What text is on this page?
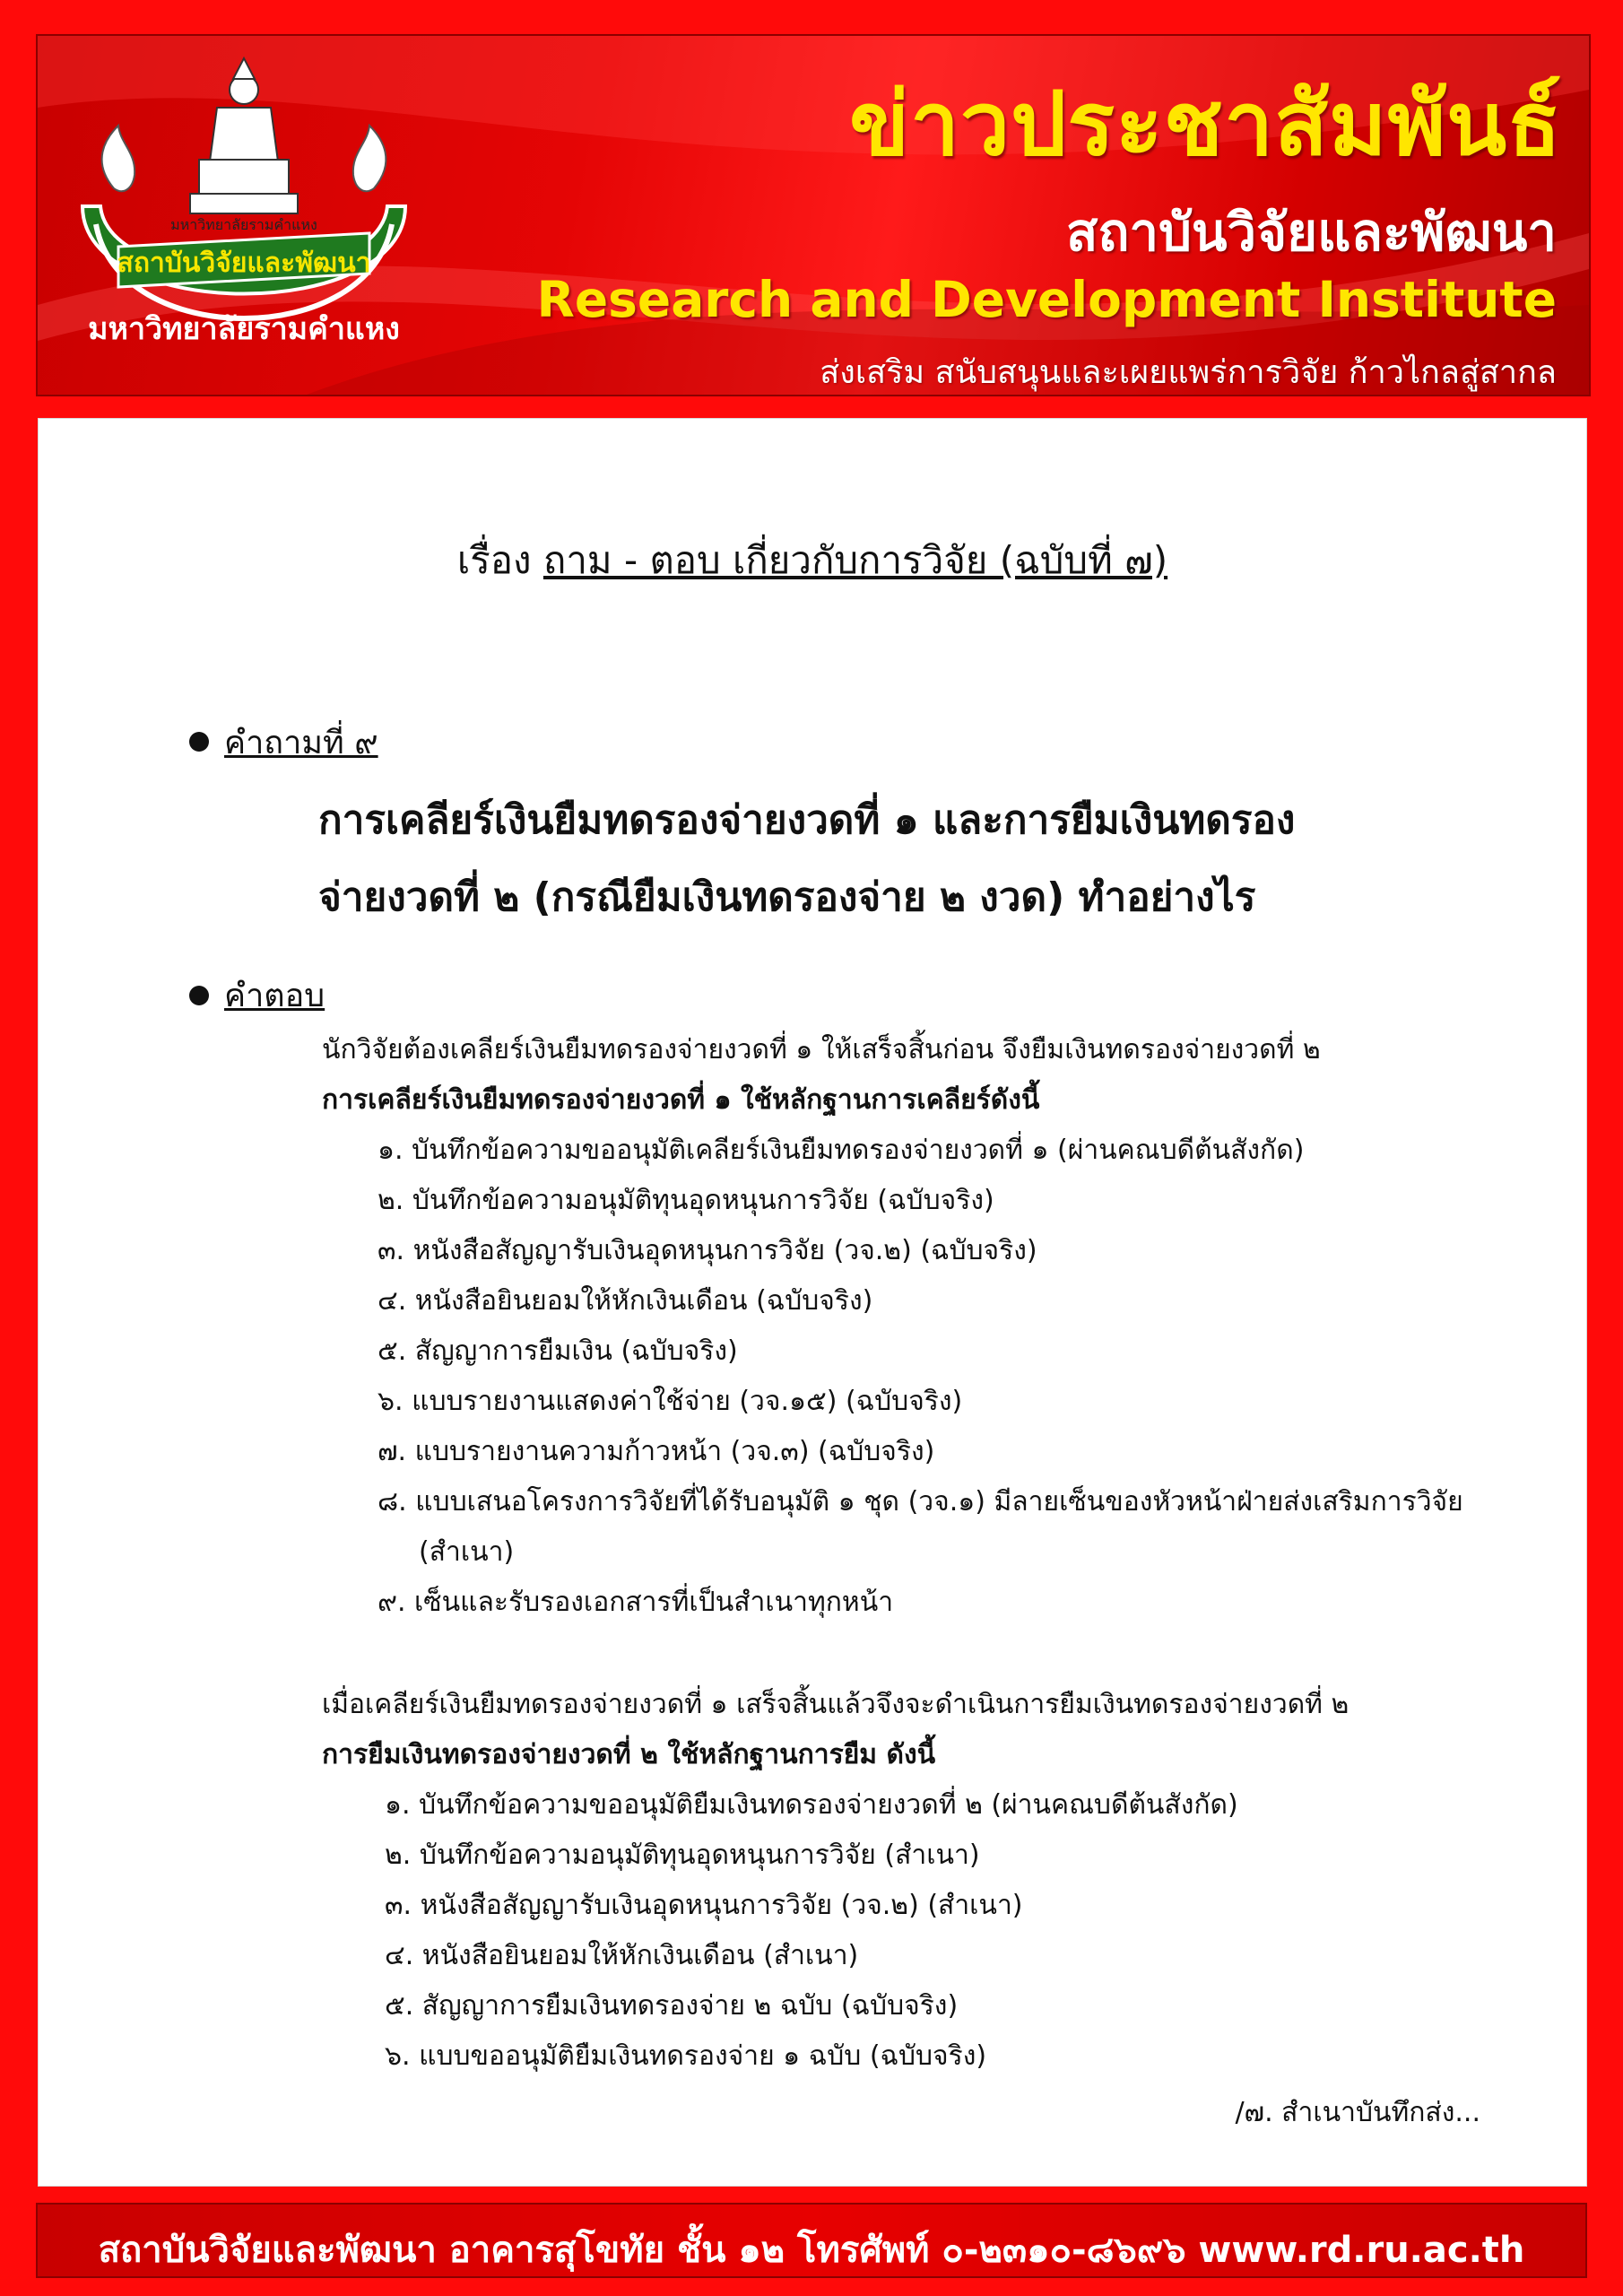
มหาวิทยาลัยรามคำแหง
สถาบันวิจัยและพัฒนา
มหาวิทยาลัยรามคำแหง
ข่าวประชาสัมพันธ์
สถาบันวิจัยและพัฒนา
Research and Development Institute
ส่งเสริม สนับสนุนและเผยแพร่การวิจัย ก้าวไกลสู่สากล
เรื่อง ถาม - ตอบ เกี่ยวกับการวิจัย (ฉบับที่ ๗)
คำถามที่ ๙
การเคลียร์เงินยืมทดรองจ่ายงวดที่ ๑ และการยืมเงินทดรอง
จ่ายงวดที่ ๒ (กรณียืมเงินทดรองจ่าย ๒ งวด) ทำอย่างไร
คำตอบ
นักวิจัยต้องเคลียร์เงินยืมทดรองจ่ายงวดที่ ๑ ให้เสร็จสิ้นก่อน จึงยืมเงินทดรองจ่ายงวดที่ ๒
การเคลียร์เงินยืมทดรองจ่ายงวดที่ ๑ ใช้หลักฐานการเคลียร์ดังนี้
๑. บันทึกข้อความขออนุมัติเคลียร์เงินยืมทดรองจ่ายงวดที่ ๑ (ผ่านคณบดีต้นสังกัด)
๒. บันทึกข้อความอนุมัติทุนอุดหนุนการวิจัย (ฉบับจริง)
๓. หนังสือสัญญารับเงินอุดหนุนการวิจัย (วจ.๒) (ฉบับจริง)
๔. หนังสือยินยอมให้หักเงินเดือน (ฉบับจริง)
๕. สัญญาการยืมเงิน (ฉบับจริง)
๖. แบบรายงานแสดงค่าใช้จ่าย (วจ.๑๕) (ฉบับจริง)
๗. แบบรายงานความก้าวหน้า (วจ.๓) (ฉบับจริง)
๘. แบบเสนอโครงการวิจัยที่ได้รับอนุมัติ ๑ ชุด (วจ.๑) มีลายเซ็นของหัวหน้าฝ่ายส่งเสริมการวิจัย
(สำเนา)
๙. เซ็นและรับรองเอกสารที่เป็นสำเนาทุกหน้า
เมื่อเคลียร์เงินยืมทดรองจ่ายงวดที่ ๑ เสร็จสิ้นแล้วจึงจะดำเนินการยืมเงินทดรองจ่ายงวดที่ ๒
การยืมเงินทดรองจ่ายงวดที่ ๒ ใช้หลักฐานการยืม ดังนี้
๑. บันทึกข้อความขออนุมัติยืมเงินทดรองจ่ายงวดที่ ๒ (ผ่านคณบดีต้นสังกัด)
๒. บันทึกข้อความอนุมัติทุนอุดหนุนการวิจัย (สำเนา)
๓. หนังสือสัญญารับเงินอุดหนุนการวิจัย (วจ.๒) (สำเนา)
๔. หนังสือยินยอมให้หักเงินเดือน (สำเนา)
๕. สัญญาการยืมเงินทดรองจ่าย ๒ ฉบับ (ฉบับจริง)
๖. แบบขออนุมัติยืมเงินทดรองจ่าย ๑ ฉบับ (ฉบับจริง)
/๗. สำเนาบันทึกส่ง...
สถาบันวิจัยและพัฒนา อาคารสุโขทัย ชั้น ๑๒ โทรศัพท์ ๐-๒๓๑๐-๘๖๙๖ www.rd.ru.ac.th
